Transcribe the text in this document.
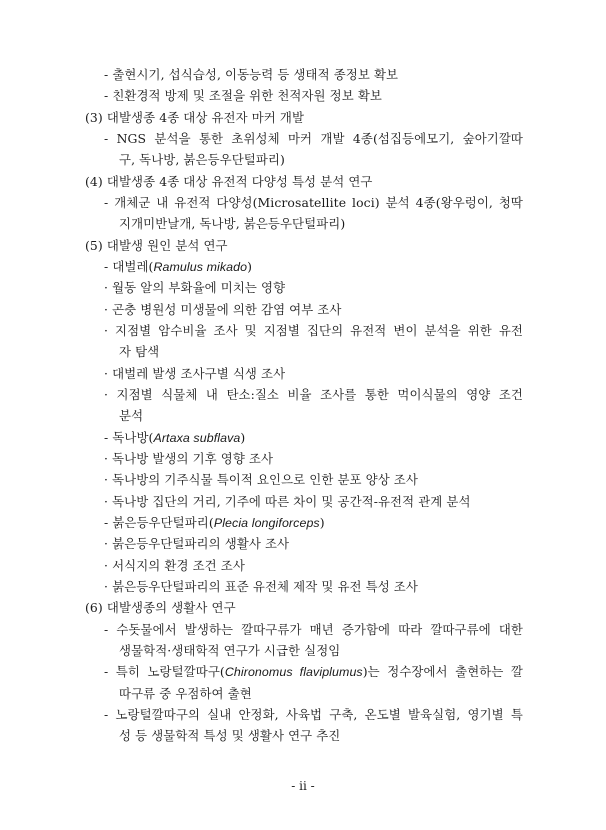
- 출현시기, 섭식습성, 이동능력 등 생태적 종정보 확보
- 친환경적 방제 및 조절을 위한 천적자원 정보 확보
(3) 대발생종 4종 대상 유전자 마커 개발
- NGS 분석을 통한 초위성체 마커 개발 4종(섬집등에모기, 숲아기깔따
구, 독나방, 붉은등우단털파리)
(4) 대발생종 4종 대상 유전적 다양성 특성 분석 연구
- 개체군 내 유전적 다양성(Microsatellite loci) 분석 4종(왕우렁이, 청딱
지개미반날개, 독나방, 붉은등우단털파리)
(5) 대발생 원인 분석 연구
- 대벌레(Ramulus mikado)
· 월동 알의 부화율에 미치는 영향
· 곤충 병원성 미생물에 의한 감염 여부 조사
· 지점별 암수비율 조사 및 지점별 집단의 유전적 변이 분석을 위한 유전
자 탐색
· 대벌레 발생 조사구별 식생 조사
· 지점별 식물체 내 탄소:질소 비율 조사를 통한 먹이식물의 영양 조건
분석
- 독나방(Artaxa subflava)
· 독나방 발생의 기후 영향 조사
· 독나방의 기주식물 특이적 요인으로 인한 분포 양상 조사
· 독나방 집단의 거리, 기주에 따른 차이 및 공간적-유전적 관계 분석
- 붉은등우단털파리(Plecia longiforceps)
· 붉은등우단털파리의 생활사 조사
· 서식지의 환경 조건 조사
· 붉은등우단털파리의 표준 유전체 제작 및 유전 특성 조사
(6) 대발생종의 생활사 연구
- 수돗물에서 발생하는 깔따구류가 매년 증가함에 따라 깔따구류에 대한
생물학적·생태학적 연구가 시급한 실정임
- 특히 노랑털깔따구(Chironomus flaviplumus)는 정수장에서 출현하는 깔
따구류 중 우점하여 출현
- 노랑털깔따구의 실내 안정화, 사육법 구축, 온도별 발육실험, 영기별 특
성 등 생물학적 특성 및 생활사 연구 추진
- ii -
